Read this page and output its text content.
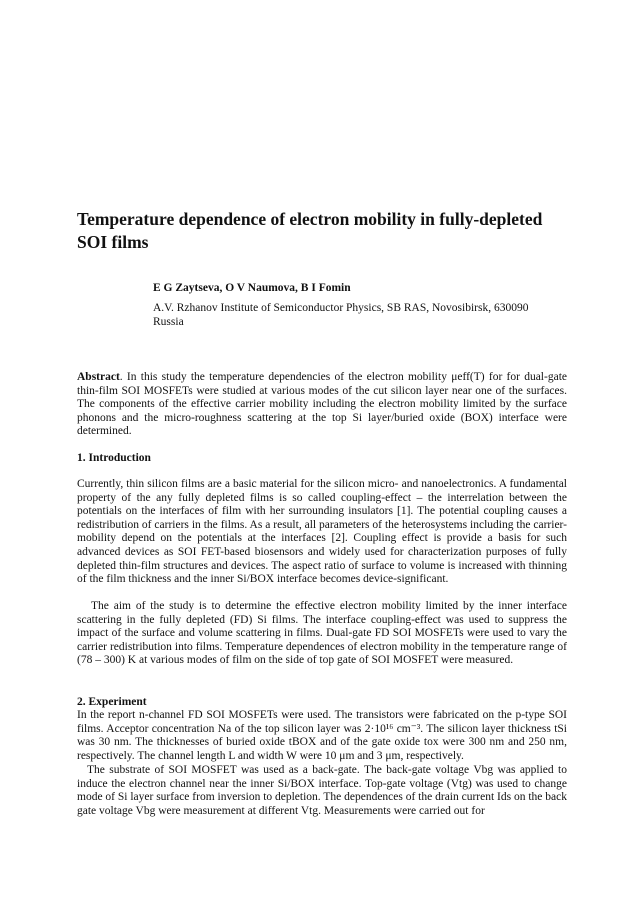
Temperature dependence of electron mobility in fully-depleted SOI films
E G Zaytseva, O V Naumova, B I Fomin
A.V. Rzhanov Institute of Semiconductor Physics, SB RAS, Novosibirsk, 630090
Russia

Abstract. In this study the temperature dependencies of the electron mobility μeff(T) for for dual-gate thin-film SOI MOSFETs were studied at various modes of the cut silicon layer near one of the surfaces. The components of the effective carrier mobility including the electron mobility limited by the surface phonons and the micro-roughness scattering at the top Si layer/buried oxide (BOX) interface were determined.

1. Introduction

Currently, thin silicon films are a basic material for the silicon micro- and nanoelectronics. A fundamental property of the any fully depleted films is so called coupling-effect – the interrelation between the potentials on the interfaces of film with her surrounding insulators [1]. The potential coupling causes a redistribution of carriers in the films. As a result, all parameters of the heterosystems including the carrier-mobility depend on the potentials at the interfaces [2]. Coupling effect is provide a basis for such advanced devices as SOI FET-based biosensors and widely used for characterization purposes of fully depleted thin-film structures and devices. The aspect ratio of surface to volume is increased with thinning of the film thickness and the inner Si/BOX interface becomes device-significant.

The aim of the study is to determine the effective electron mobility limited by the inner interface scattering in the fully depleted (FD) Si films. The interface coupling-effect was used to suppress the impact of the surface and volume scattering in films. Dual-gate FD SOI MOSFETs were used to vary the carrier redistribution into films. Temperature dependences of electron mobility in the temperature range of (78 – 300) K at various modes of film on the side of top gate of SOI MOSFET were measured.

2. Experiment

In the report n-channel FD SOI MOSFETs were used. The transistors were fabricated on the p-type SOI films. Acceptor concentration Na of the top silicon layer was 2·10¹⁶ cm⁻³. The silicon layer thickness tSi was 30 nm. The thicknesses of buried oxide tBOX and of the gate oxide tox were 300 nm and 250 nm, respectively. The channel length L and width W were 10 μm and 3 μm, respectively.

The substrate of SOI MOSFET was used as a back-gate. The back-gate voltage Vbg was applied to induce the electron channel near the inner Si/BOX interface. Top-gate voltage (Vtg) was used to change mode of Si layer surface from inversion to depletion. The dependences of the drain current Ids on the back gate voltage Vbg were measurement at different Vtg. Measurements were carried out for
